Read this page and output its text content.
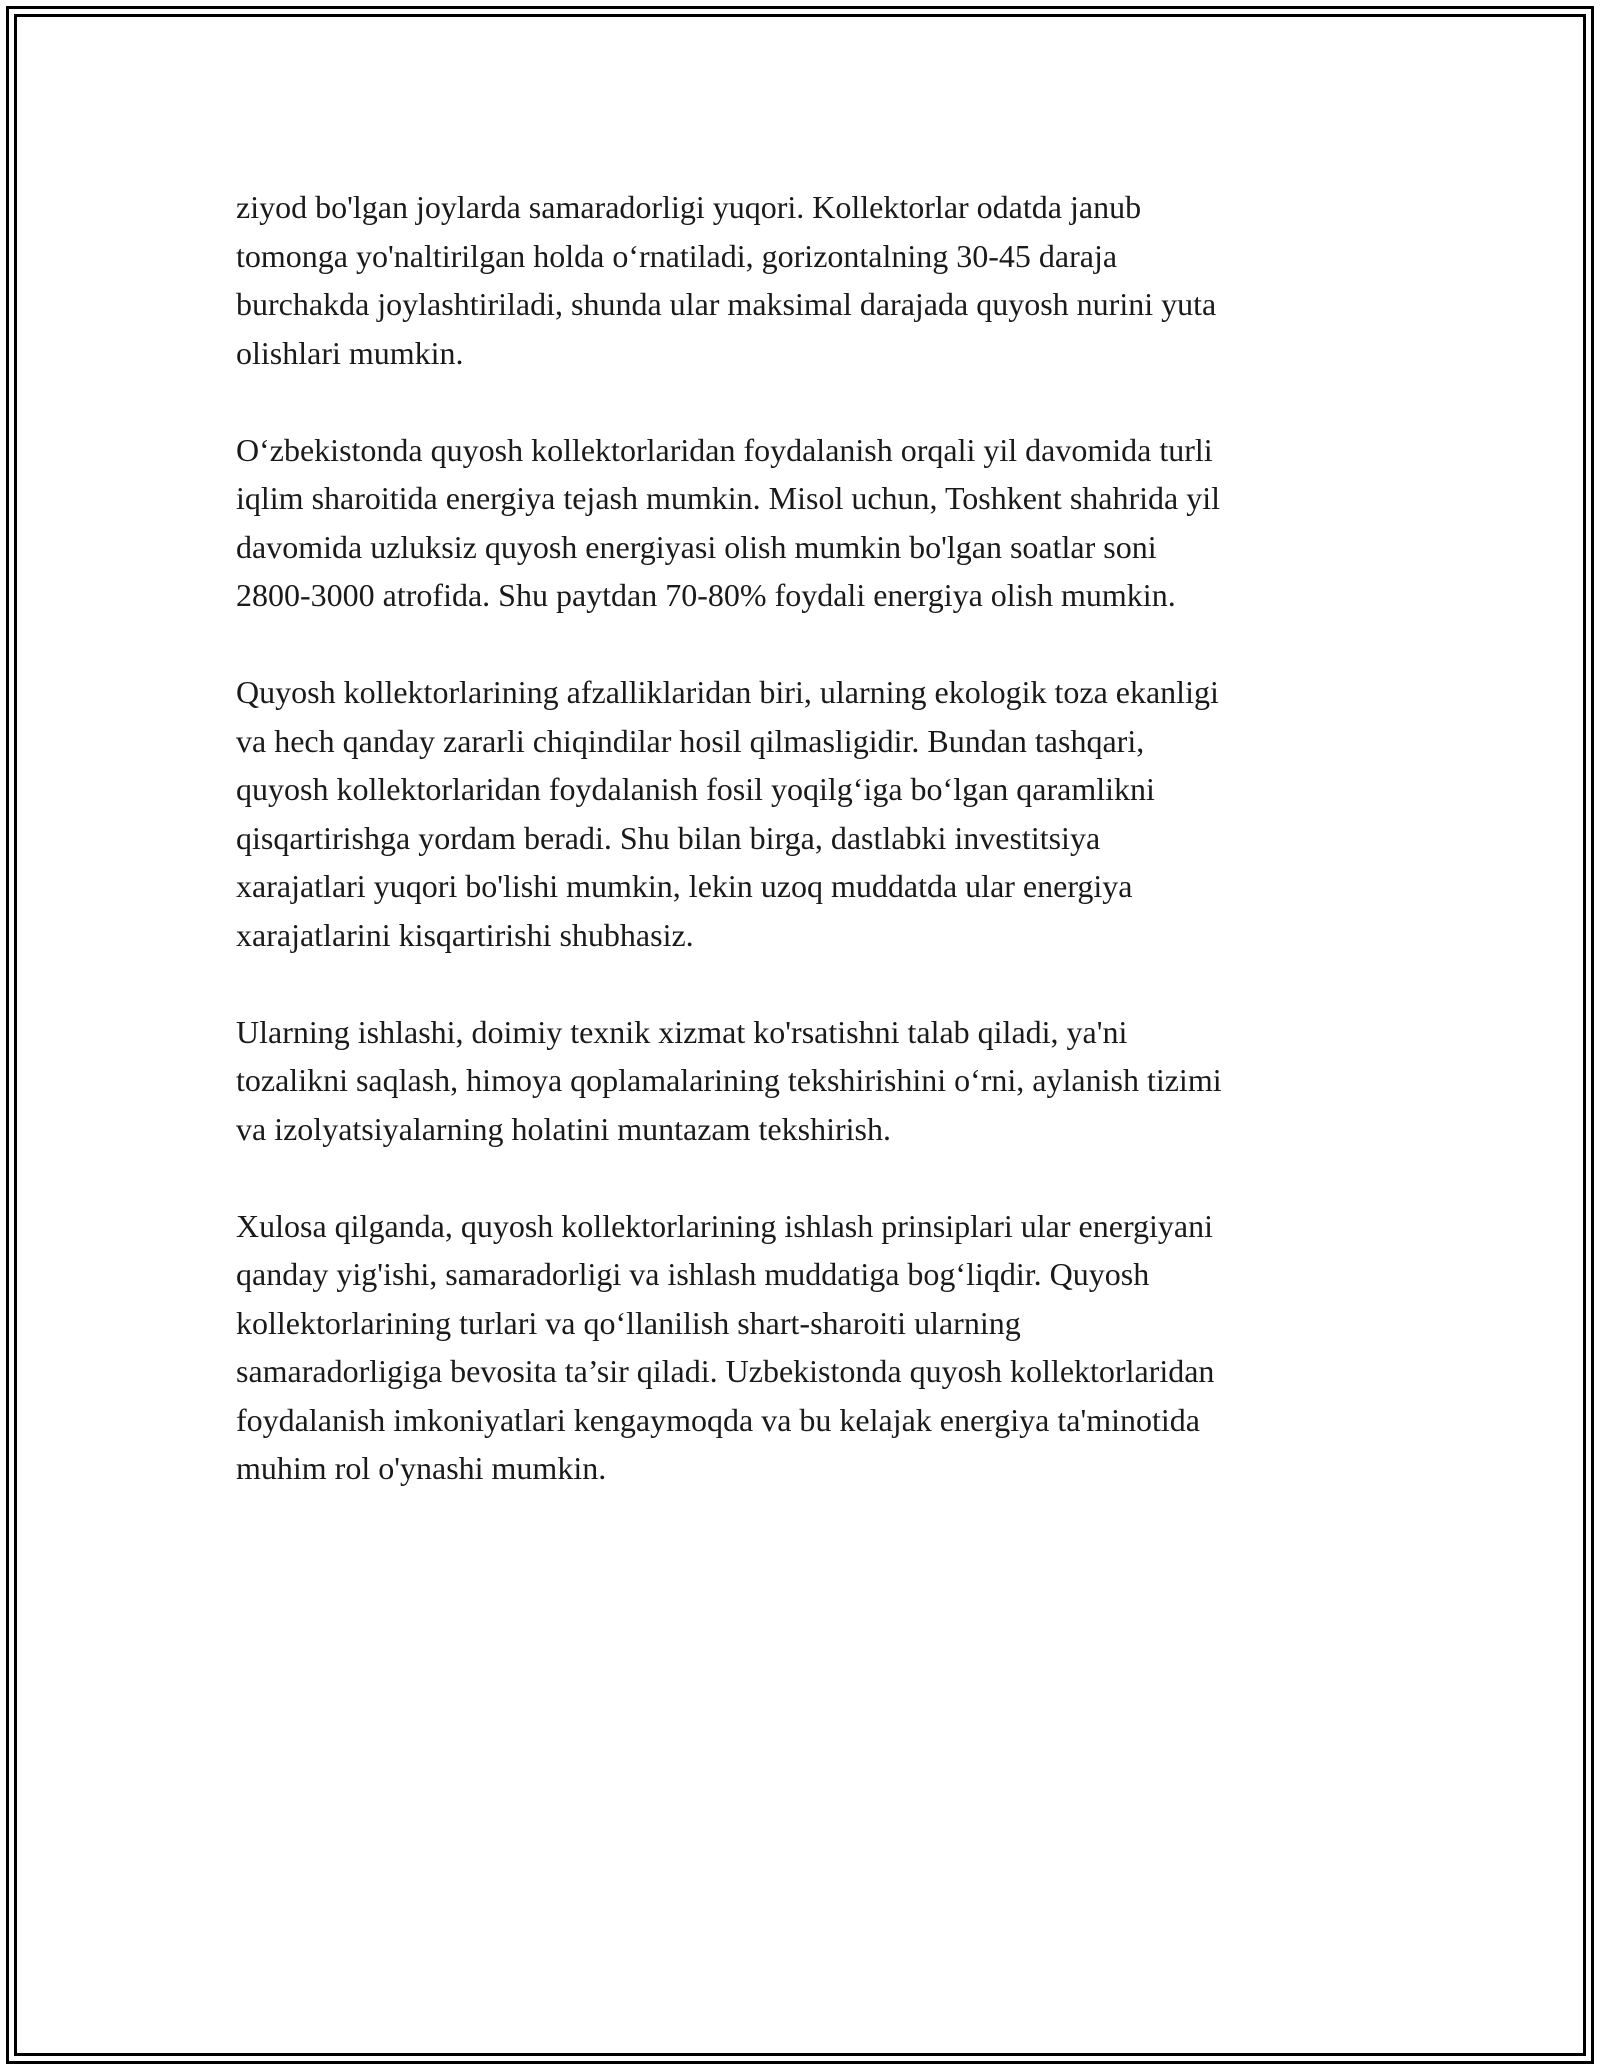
ziyod bo'lgan joylarda samaradorligi yuqori. Kollektorlar odatda janub
tomonga yo'naltirilgan holda o‘rnatiladi, gorizontalning 30-45 daraja
burchakda joylashtiriladi, shunda ular maksimal darajada quyosh nurini yuta
olishlari mumkin.

O‘zbekistonda quyosh kollektorlaridan foydalanish orqali yil davomida turli
iqlim sharoitida energiya tejash mumkin. Misol uchun, Toshkent shahrida yil
davomida uzluksiz quyosh energiyasi olish mumkin bo'lgan soatlar soni
2800-3000 atrofida. Shu paytdan 70-80% foydali energiya olish mumkin.

Quyosh kollektorlarining afzalliklaridan biri, ularning ekologik toza ekanligi
va hech qanday zararli chiqindilar hosil qilmasligidir. Bundan tashqari,
quyosh kollektorlaridan foydalanish fosil yoqilg‘iga bo‘lgan qaramlikni
qisqartirishga yordam beradi. Shu bilan birga, dastlabki investitsiya
xarajatlari yuqori bo'lishi mumkin, lekin uzoq muddatda ular energiya
xarajatlarini kisqartirishi shubhasiz.

Ularning ishlashi, doimiy texnik xizmat ko'rsatishni talab qiladi, ya'ni
tozalikni saqlash, himoya qoplamalarining tekshirishini o‘rni, aylanish tizimi
va izolyatsiyalarning holatini muntazam tekshirish.

Xulosa qilganda, quyosh kollektorlarining ishlash prinsiplari ular energiyani
qanday yig'ishi, samaradorligi va ishlash muddatiga bog‘liqdir. Quyosh
kollektorlarining turlari va qo‘llanilish shart-sharoiti ularning
samaradorligiga bevosita ta’sir qiladi. Uzbekistonda quyosh kollektorlaridan
foydalanish imkoniyatlari kengaymoqda va bu kelajak energiya ta'minotida
muhim rol o'ynashi mumkin.
